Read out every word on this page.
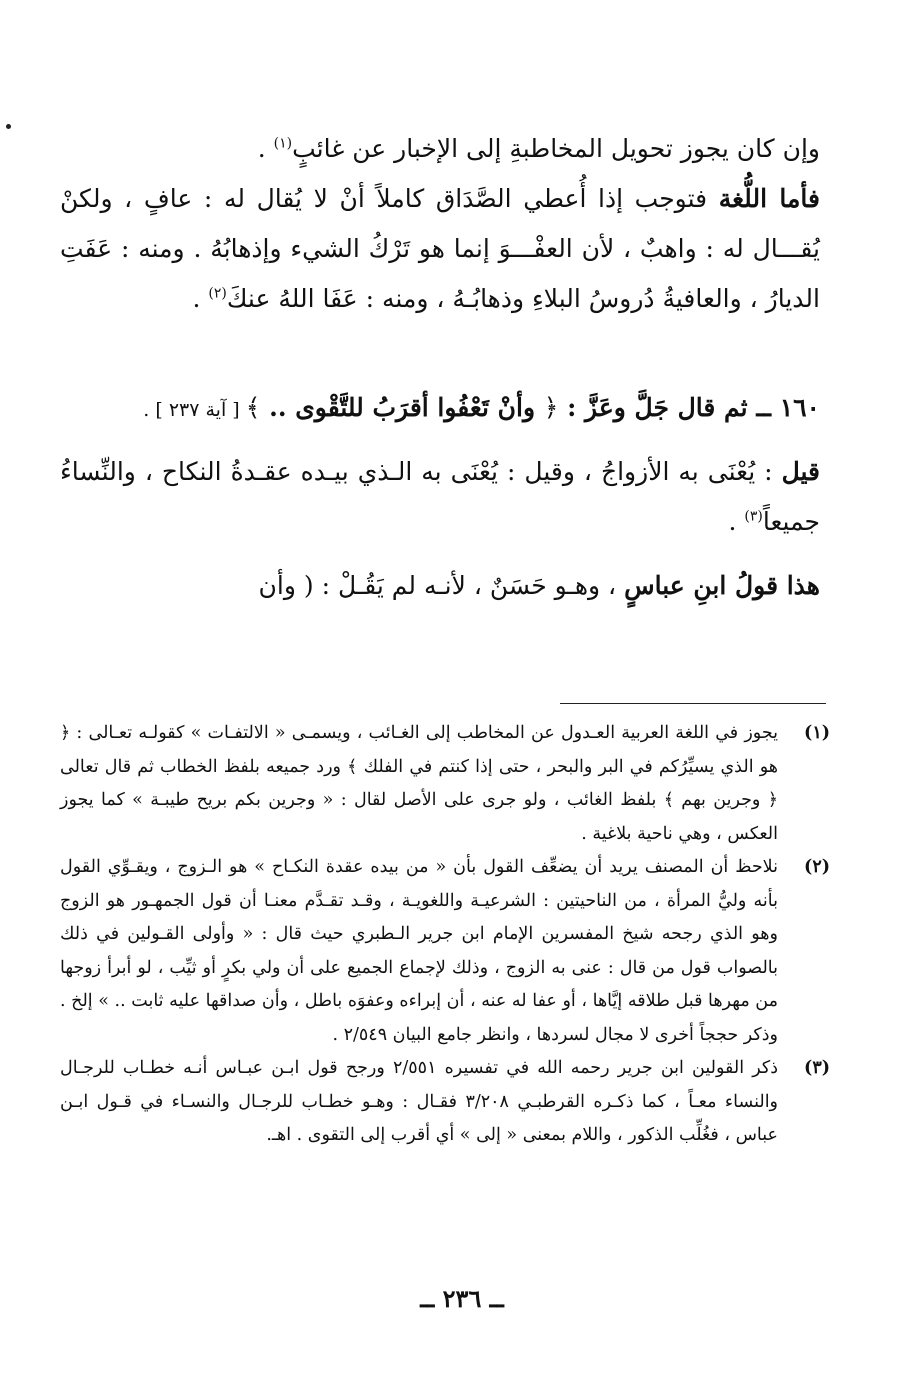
وإن كان يجوز تحويل المخاطبةِ إلى الإخبار عن غائبٍ$^{(١)}$ .

فأما اللُّغة فتوجب إذا أُعطي الصَّدَاق كاملاً أنْ لا يُقال له : عافٍ ، ولكنْ يُقـــال له : واهبٌ ، لأن العفْـــوَ إنما هو تَرْكُ الشيء وإذهابُهُ . ومنه : عَفَتِ الديارُ ، والعافيةُ دُروسُ البلاءِ وذهابُـهُ ، ومنه : عَفَا اللهُ عنكَ$^{(٢)}$ .

١٦٠ ــ ثم قال جَلَّ وعَزَّ : ﴿ وأنْ تَعْفُوا أقرَبُ للتَّقْوى .. ﴾ [ آية ٢٣٧ ] .

قيل : يُعْنَى به الأزواجُ ، وقيل : يُعْنَى به الـذي بيـده عقـدةُ النكاح ، والنِّساءُ جميعاً$^{(٣)}$ .

هذا قولُ ابنِ عباسٍ ، وهـو حَسَنٌ ، لأنـه لم يَقُـلْ : ( وأن

(١)
يجوز في اللغة العربية العـدول عن المخاطب إلى الغـائب ، ويسمـى « الالتفـات » كقولـه تعـالى : ﴿ هو الذي يسيِّرُكم في البر والبحر ، حتى إذا كنتم في الفلك ﴾ ورد جميعه بلفظ الخطاب ثم قال تعالى ﴿ وجرين بهم ﴾ بلفظ الغائب ، ولو جرى على الأصل لقال : « وجرين بكم بريح طيبـة » كما يجوز العكس ، وهي ناحية بلاغية .
(٢)
نلاحظ أن المصنف يريد أن يضعِّف القول بأن « من بيده عقدة النكـاح » هو الـزوج ، ويقـوِّي القول بأنه وليُّ المرأة ، من الناحيتين : الشرعيـة واللغويـة ، وقـد تقـدَّم معنـا أن قول الجمهـور هو الزوج وهو الذي رجحه شيخ المفسرين الإمام ابن جرير الـطبري حيث قال : « وأولى القـولين في ذلك بالصواب قول من قال : عنى به الزوج ، وذلك لإجماع الجميع على أن ولي بكرٍ أو ثيِّب ، لو أبرأ زوجها من مهرها قبل طلاقه إيَّاها ، أو عفا له عنه ، أن إبراءه وعفوَه باطل ، وأن صداقها عليه ثابت .. » إلخ . وذكر حججاً أخرى لا مجال لسردها ، وانظر جامع البيان ٢/٥٤٩ .
(٣)
ذكر القولين ابن جرير رحمه الله في تفسيره ٢/٥٥١ ورجح قول ابـن عبـاس أنـه خطـاب للرجـال والنساء معـاً ، كما ذكـره القرطبـي ٣/٢٠٨ فقـال : وهـو خطـاب للرجـال والنسـاء في قـول ابـن عباس ، فغُلِّب الذكور ، واللام بمعنى « إلى » أي أقرب إلى التقوى . اهـ.
ــ ٢٣٦ ــ
